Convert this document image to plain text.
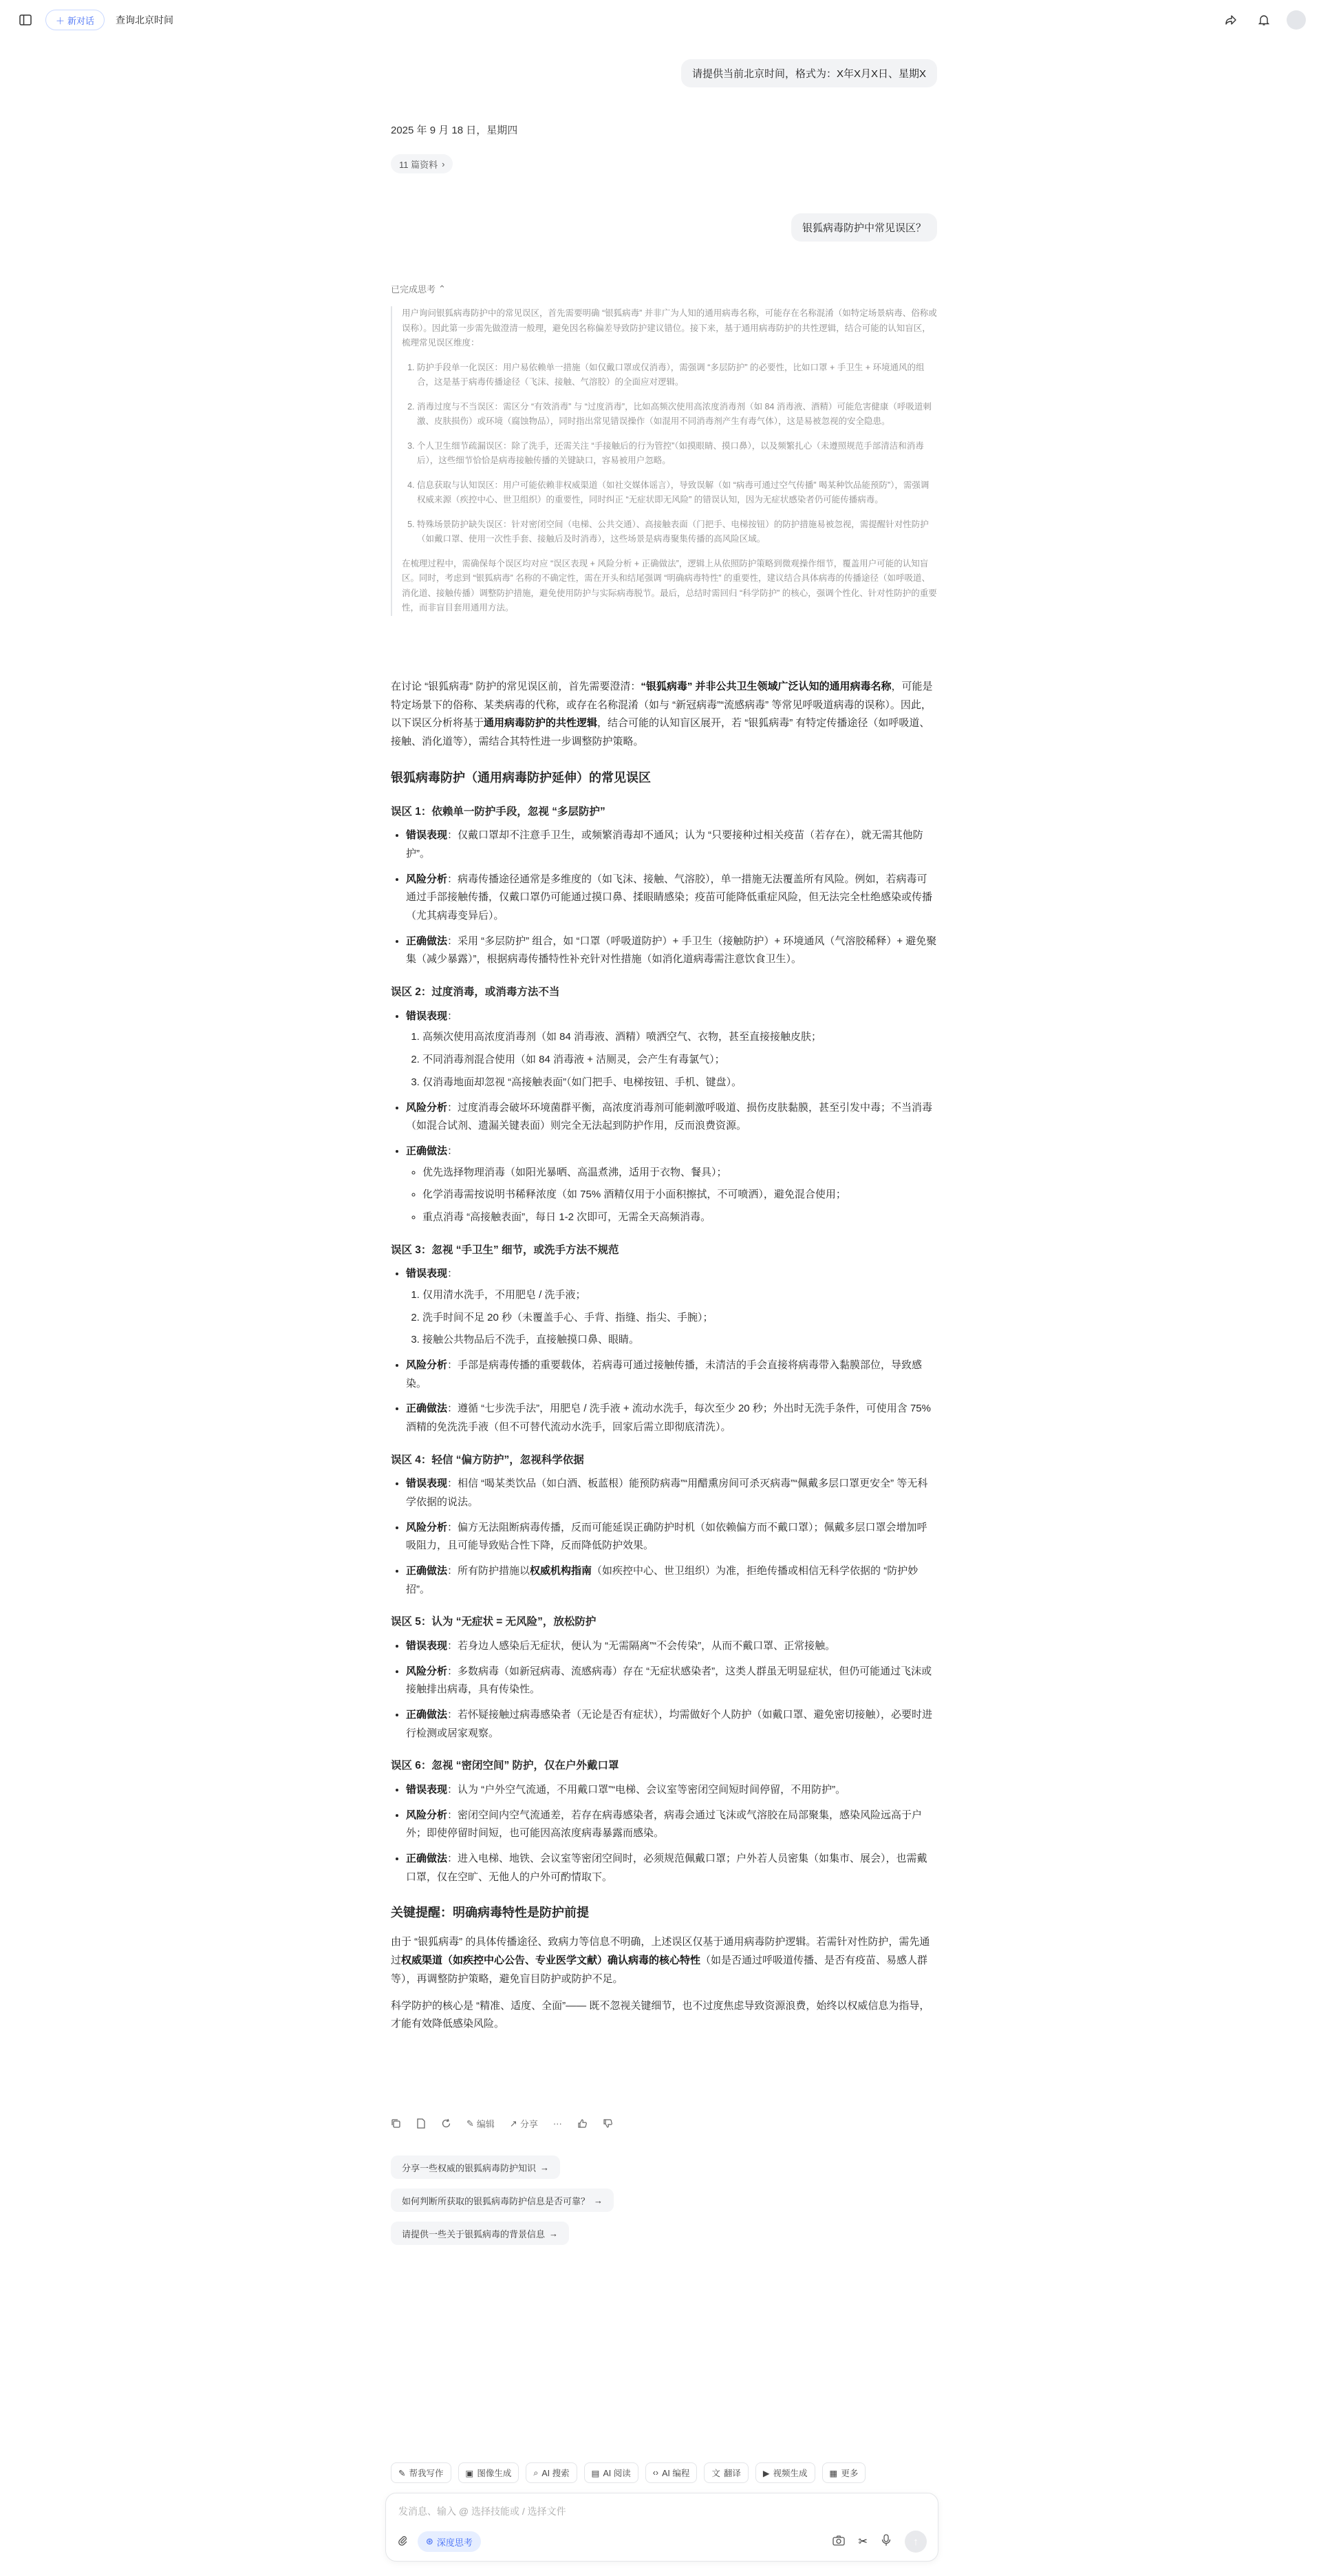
＋ 新对话 查询北京时间
请提供当前北京时间，格式为：X年X月X日、星期X
2025 年 9 月 18 日，星期四
11 篇资料 ›
银狐病毒防护中常见误区？
已完成思考 ⌃

用户询问银狐病毒防护中的常见误区，首先需要明确 “银狐病毒” 并非广为人知的通用病毒名称，可能存在名称混淆（如特定场景病毒、俗称或误称）。因此第一步需先做澄清一般理，避免因名称偏差导致防护建议错位。接下来，基于通用病毒防护的共性逻辑，结合可能的认知盲区，梳理常见误区维度：

1. 防护手段单一化误区：用户易依赖单一措施（如仅戴口罩或仅消毒），需强调 “多层防护” 的必要性，比如口罩 + 手卫生 + 环境通风的组合，这是基于病毒传播途径（飞沫、接触、气溶胶）的全面应对逻辑。
2. 消毒过度与不当误区：需区分 “有效消毒” 与 “过度消毒”，比如高频次使用高浓度消毒剂（如 84 消毒液、酒精）可能危害健康（呼吸道刺激、皮肤损伤）或环境（腐蚀物品），同时指出常见错误操作（如混用不同消毒剂产生有毒气体），这是易被忽视的安全隐患。
3. 个人卫生细节疏漏误区：除了洗手，还需关注 “手接触后的行为管控”（如摸眼睛、摸口鼻），以及频繁扎心（未遵照规范手部清洁和消毒后），这些细节恰恰是病毒接触传播的关键缺口，容易被用户忽略。
4. 信息获取与认知误区：用户可能依赖非权威渠道（如社交媒体谣言），导致误解（如 “病毒可通过空气传播” 喝某种饮品能预防”），需强调权威来源（疾控中心、世卫组织）的重要性，同时纠正 “无症状即无风险” 的错误认知，因为无症状感染者仍可能传播病毒。
5. 特殊场景防护缺失误区：针对密闭空间（电梯、公共交通）、高接触表面（门把手、电梯按钮）的防护措施易被忽视，需提醒针对性防护（如戴口罩、使用一次性手套、接触后及时消毒），这些场景是病毒聚集传播的高风险区域。

在梳理过程中，需确保每个误区均对应 “误区表现 + 风险分析 + 正确做法”，逻辑上从依照防护策略到微观操作细节，覆盖用户可能的认知盲区。同时，考虑到 “银狐病毒” 名称的不确定性，需在开头和结尾强调 “明确病毒特性” 的重要性，建议结合具体病毒的传播途径（如呼吸道、消化道、接触传播）调整防护措施，避免使用防护与实际病毒脱节。最后，总结时需回归 “科学防护” 的核心，强调个性化、针对性防护的重要性，而非盲目套用通用方法。

在讨论 “银狐病毒” 防护的常见误区前，首先需要澄清：“银狐病毒” 并非公共卫生领域广泛认知的通用病毒名称，可能是特定场景下的俗称、某类病毒的代称，或存在名称混淆（如与 “新冠病毒”“流感病毒” 等常见呼吸道病毒的误称）。因此，以下误区分析将基于通用病毒防护的共性逻辑，结合可能的认知盲区展开，若 “银狐病毒” 有特定传播途径（如呼吸道、接触、消化道等），需结合其特性进一步调整防护策略。

银狐病毒防护（通用病毒防护延伸）的常见误区
误区 1：依赖单一防护手段，忽视 “多层防护”
• 错误表现：仅戴口罩却不注意手卫生，或频繁消毒却不通风；认为 “只要接种过相关疫苗（若存在），就无需其他防护”。
• 风险分析：病毒传播途径通常是多维度的（如飞沫、接触、气溶胶），单一措施无法覆盖所有风险。例如，若病毒可通过手部接触传播，仅戴口罩仍可能通过摸口鼻、揉眼睛感染；疫苗可能降低重症风险，但无法完全杜绝感染或传播（尤其病毒变异后）。
• 正确做法：采用 “多层防护” 组合，如 “口罩（呼吸道防护）+ 手卫生（接触防护）+ 环境通风（气溶胶稀释）+ 避免聚集（减少暴露）”，根据病毒传播特性补充针对性措施（如消化道病毒需注意饮食卫生）。
误区 2：过度消毒，或消毒方法不当
• 错误表现：
1. 高频次使用高浓度消毒剂（如 84 消毒液、酒精）喷洒空气、衣物，甚至直接接触皮肤；
2. 不同消毒剂混合使用（如 84 消毒液 + 洁厕灵，会产生有毒氯气）；
3. 仅消毒地面却忽视 “高接触表面”（如门把手、电梯按钮、手机、键盘）。
• 风险分析：过度消毒会破坏环境菌群平衡，高浓度消毒剂可能刺激呼吸道、损伤皮肤黏膜，甚至引发中毒；不当消毒（如混合试剂、遗漏关键表面）则完全无法起到防护作用，反而浪费资源。
• 正确做法：
◦ 优先选择物理消毒（如阳光暴晒、高温煮沸，适用于衣物、餐具）；
◦ 化学消毒需按说明书稀释浓度（如 75% 酒精仅用于小面积擦拭，不可喷洒），避免混合使用；
◦ 重点消毒 “高接触表面”，每日 1-2 次即可，无需全天高频消毒。
误区 3：忽视 “手卫生” 细节，或洗手方法不规范
• 错误表现：
1. 仅用清水洗手，不用肥皂 / 洗手液；
2. 洗手时间不足 20 秒（未覆盖手心、手背、指缝、指尖、手腕）；
3. 接触公共物品后不洗手，直接触摸口鼻、眼睛。
• 风险分析：手部是病毒传播的重要载体，若病毒可通过接触传播，未清洁的手会直接将病毒带入黏膜部位，导致感染。
• 正确做法：遵循 “七步洗手法”，用肥皂 / 洗手液 + 流动水洗手，每次至少 20 秒；外出时无洗手条件，可使用含 75% 酒精的免洗洗手液（但不可替代流动水洗手，回家后需立即彻底清洗）。
误区 4：轻信 “偏方防护”，忽视科学依据
• 错误表现：相信 “喝某类饮品（如白酒、板蓝根）能预防病毒”“用醋熏房间可杀灭病毒”“佩戴多层口罩更安全” 等无科学依据的说法。
• 风险分析：偏方无法阻断病毒传播，反而可能延误正确防护时机（如依赖偏方而不戴口罩）；佩戴多层口罩会增加呼吸阻力，且可能导致贴合性下降，反而降低防护效果。
• 正确做法：所有防护措施以权威机构指南（如疾控中心、世卫组织）为准，拒绝传播或相信无科学依据的 “防护妙招”。
误区 5：认为 “无症状 = 无风险”，放松防护
• 错误表现：若身边人感染后无症状，便认为 “无需隔离”“不会传染”，从而不戴口罩、正常接触。
• 风险分析：多数病毒（如新冠病毒、流感病毒）存在 “无症状感染者”，这类人群虽无明显症状，但仍可能通过飞沫或接触排出病毒，具有传染性。
• 正确做法：若怀疑接触过病毒感染者（无论是否有症状），均需做好个人防护（如戴口罩、避免密切接触），必要时进行检测或居家观察。
误区 6：忽视 “密闭空间” 防护，仅在户外戴口罩
• 错误表现：认为 “户外空气流通，不用戴口罩”“电梯、会议室等密闭空间短时间停留，不用防护”。
• 风险分析：密闭空间内空气流通差，若存在病毒感染者，病毒会通过飞沫或气溶胶在局部聚集，感染风险远高于户外；即使停留时间短，也可能因高浓度病毒暴露而感染。
• 正确做法：进入电梯、地铁、会议室等密闭空间时，必须规范佩戴口罩；户外若人员密集（如集市、展会），也需戴口罩，仅在空旷、无他人的户外可酌情取下。
关键提醒：明确病毒特性是防护前提

由于 “银狐病毒” 的具体传播途径、致病力等信息不明确，上述误区仅基于通用病毒防护逻辑。若需针对性防护，需先通过权威渠道（如疾控中心公告、专业医学文献）确认病毒的核心特性（如是否通过呼吸道传播、是否有疫苗、易感人群等），再调整防护策略，避免盲目防护或防护不足。

科学防护的核心是 “精准、适度、全面”—— 既不忽视关键细节，也不过度焦虑导致资源浪费，始终以权威信息为指导，才能有效降低感染风险。

✎ 编辑 ↗ 分享 ···
分享一些权威的银狐病毒防护知识 →
如何判断所获取的银狐病毒防护信息是否可靠？ →
请提供一些关于银狐病毒的背景信息 →
✎ 帮我写作	▣ 图像生成	⌕ AI 搜索	▤ AI 阅读	‹› AI 编程	文 翻译	▶ 视频生成	▦ 更多
发消息、输入 @ 选择技能或 / 选择文件
⊛ 深度思考	✂	↑
